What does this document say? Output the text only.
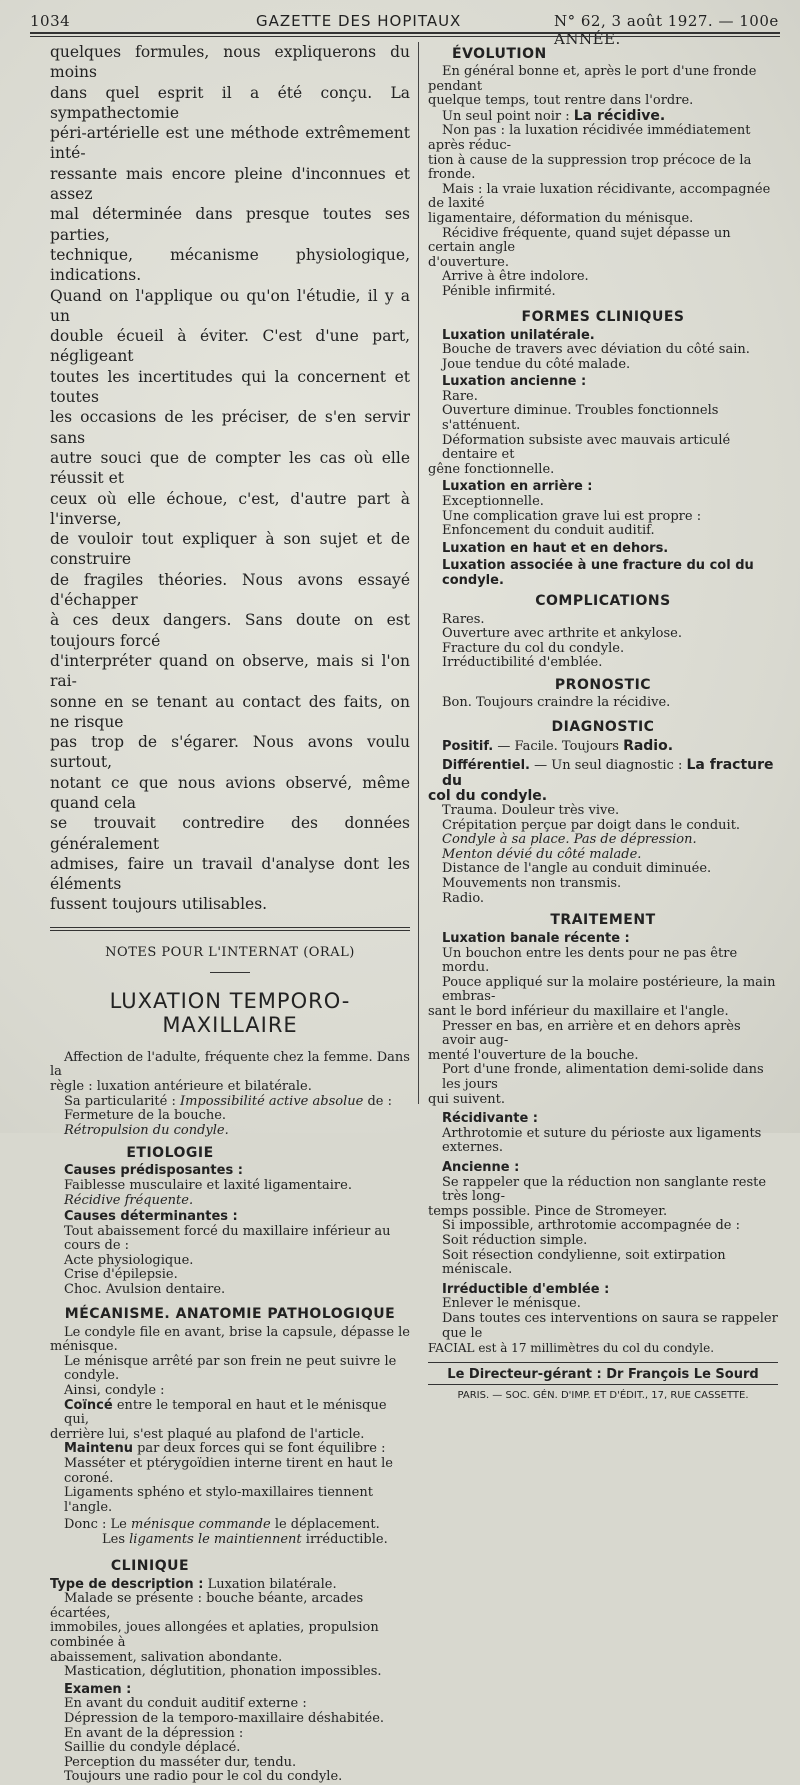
1034	GAZETTE DES HOPITAUX	N° 62, 3 août 1927. — 100e ANNÉE.
quelques formules, nous expliquerons du moins
dans quel esprit il a été conçu. La sympathectomie
péri-artérielle est une méthode extrêmement inté-
ressante mais encore pleine d'inconnues et assez
mal déterminée dans presque toutes ses parties,
technique, mécanisme physiologique, indications.
Quand on l'applique ou qu'on l'étudie, il y a un
double écueil à éviter. C'est d'une part, négligeant
toutes les incertitudes qui la concernent et toutes
les occasions de les préciser, de s'en servir sans
autre souci que de compter les cas où elle réussit et
ceux où elle échoue, c'est, d'autre part à l'inverse,
de vouloir tout expliquer à son sujet et de construire
de fragiles théories. Nous avons essayé d'échapper
à ces deux dangers. Sans doute on est toujours forcé
d'interpréter quand on observe, mais si l'on rai-
sonne en se tenant au contact des faits, on ne risque
pas trop de s'égarer. Nous avons voulu surtout,
notant ce que nous avions observé, même quand cela
se trouvait contredire des données généralement
admises, faire un travail d'analyse dont les éléments
fussent toujours utilisables.
NOTES POUR L'INTERNAT (ORAL)
LUXATION TEMPORO-MAXILLAIRE
Affection de l'adulte, fréquente chez la femme. Dans la
règle : luxation antérieure et bilatérale.
Sa particularité : Impossibilité active absolue de :
Fermeture de la bouche.
Rétropulsion du condyle.
ETIOLOGIE
Causes prédisposantes :
Faiblesse musculaire et laxité ligamentaire.
Récidive fréquente.
Causes déterminantes :
Tout abaissement forcé du maxillaire inférieur au cours de :
Acte physiologique.
Crise d'épilepsie.
Choc. Avulsion dentaire.
MÉCANISME. ANATOMIE PATHOLOGIQUE
Le condyle file en avant, brise la capsule, dépasse le
ménisque.
Le ménisque arrêté par son frein ne peut suivre le condyle.
Ainsi, condyle :
Coïncé entre le temporal en haut et le ménisque qui,
derrière lui, s'est plaqué au plafond de l'article.
Maintenu par deux forces qui se font équilibre :
Masséter et ptérygoïdien interne tirent en haut le coroné.
Ligaments sphéno et stylo-maxillaires tiennent l'angle.
Donc : Le ménisque commande le déplacement.
Les ligaments le maintiennent irréductible.
CLINIQUE
Type de description : Luxation bilatérale.
Malade se présente : bouche béante, arcades écartées,
immobiles, joues allongées et aplaties, propulsion combinée à
abaissement, salivation abondante.
Mastication, déglutition, phonation impossibles.
Examen :
En avant du conduit auditif externe :
Dépression de la temporo-maxillaire déshabitée.
En avant de la dépression :
Saillie du condyle déplacé.
Perception du masséter dur, tendu.
Toujours une radio pour le col du condyle.
ÉVOLUTION
En général bonne et, après le port d'une fronde pendant
quelque temps, tout rentre dans l'ordre.
Un seul point noir : La récidive.
Non pas : la luxation récidivée immédiatement après réduc-
tion à cause de la suppression trop précoce de la fronde.
Mais : la vraie luxation récidivante, accompagnée de laxité
ligamentaire, déformation du ménisque.
Récidive fréquente, quand sujet dépasse un certain angle
d'ouverture.
Arrive à être indolore.
Pénible infirmité.
FORMES CLINIQUES
Luxation unilatérale.
Bouche de travers avec déviation du côté sain.
Joue tendue du côté malade.
Luxation ancienne :
Rare.
Ouverture diminue. Troubles fonctionnels s'atténuent.
Déformation subsiste avec mauvais articulé dentaire et
gêne fonctionnelle.
Luxation en arrière :
Exceptionnelle.
Une complication grave lui est propre :
Enfoncement du conduit auditif.
Luxation en haut et en dehors.
Luxation associée à une fracture du col du condyle.
COMPLICATIONS
Rares.
Ouverture avec arthrite et ankylose.
Fracture du col du condyle.
Irréductibilité d'emblée.
PRONOSTIC
Bon. Toujours craindre la récidive.
DIAGNOSTIC
Positif. — Facile. Toujours Radio.
Différentiel. — Un seul diagnostic : La fracture du
col du condyle.
Trauma. Douleur très vive.
Crépitation perçue par doigt dans le conduit.
Condyle à sa place. Pas de dépression.
Menton dévié du côté malade.
Distance de l'angle au conduit diminuée.
Mouvements non transmis.
Radio.
TRAITEMENT
Luxation banale récente :
Un bouchon entre les dents pour ne pas être mordu.
Pouce appliqué sur la molaire postérieure, la main embras-
sant le bord inférieur du maxillaire et l'angle.
Presser en bas, en arrière et en dehors après avoir aug-
menté l'ouverture de la bouche.
Port d'une fronde, alimentation demi-solide dans les jours
qui suivent.
Récidivante :
Arthrotomie et suture du périoste aux ligaments externes.
Ancienne :
Se rappeler que la réduction non sanglante reste très long-
temps possible. Pince de Stromeyer.
Si impossible, arthrotomie accompagnée de :
Soit réduction simple.
Soit résection condylienne, soit extirpation méniscale.
Irréductible d'emblée :
Enlever le ménisque.
Dans toutes ces interventions on saura se rappeler que le
FACIAL est à 17 millimètres du col du condyle.
Le Directeur-gérant : Dr François Le Sourd
PARIS. — SOC. GÉN. D'IMP. ET D'ÉDIT., 17, RUE CASSETTE.
